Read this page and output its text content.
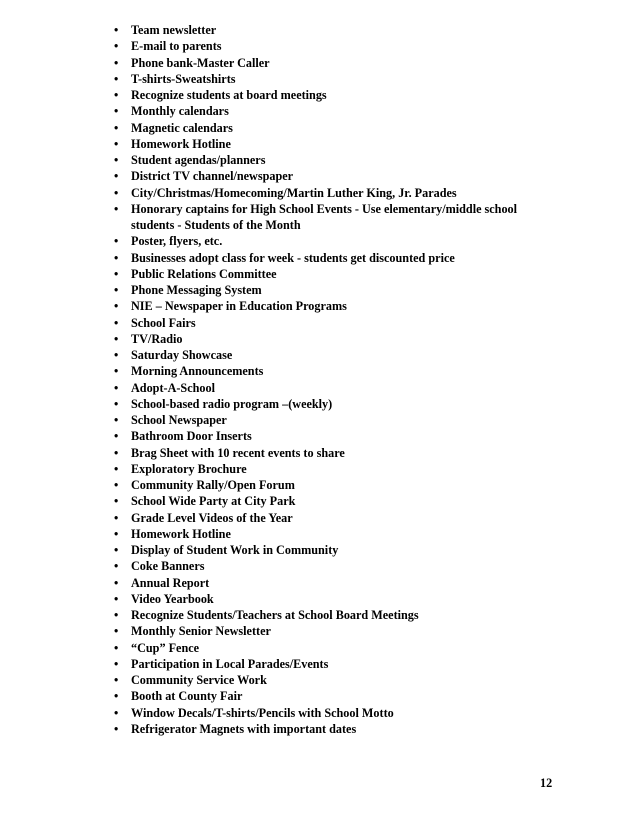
• Team newsletter
• E-mail to parents
• Phone bank-Master Caller
• T-shirts-Sweatshirts
• Recognize students at board meetings
• Monthly calendars
• Magnetic calendars
• Homework Hotline
• Student agendas/planners
• District TV channel/newspaper
• City/Christmas/Homecoming/Martin Luther King, Jr. Parades
• Honorary captains for High School Events - Use elementary/middle school students - Students of the Month
• Poster, flyers, etc.
• Businesses adopt class for week - students get discounted price
• Public Relations Committee
• Phone Messaging System
• NIE – Newspaper in Education Programs
• School Fairs
• TV/Radio
• Saturday Showcase
• Morning Announcements
• Adopt-A-School
• School-based radio program –(weekly)
• School Newspaper
• Bathroom Door Inserts
• Brag Sheet with 10 recent events to share
• Exploratory Brochure
• Community Rally/Open Forum
• School Wide Party at City Park
• Grade Level Videos of the Year
• Homework Hotline
• Display of Student Work in Community
• Coke Banners
• Annual Report
• Video Yearbook
• Recognize Students/Teachers at School Board Meetings
• Monthly Senior Newsletter
• “Cup” Fence
• Participation in Local Parades/Events
• Community Service Work
• Booth at County Fair
• Window Decals/T-shirts/Pencils with School Motto
• Refrigerator Magnets with important dates
12
